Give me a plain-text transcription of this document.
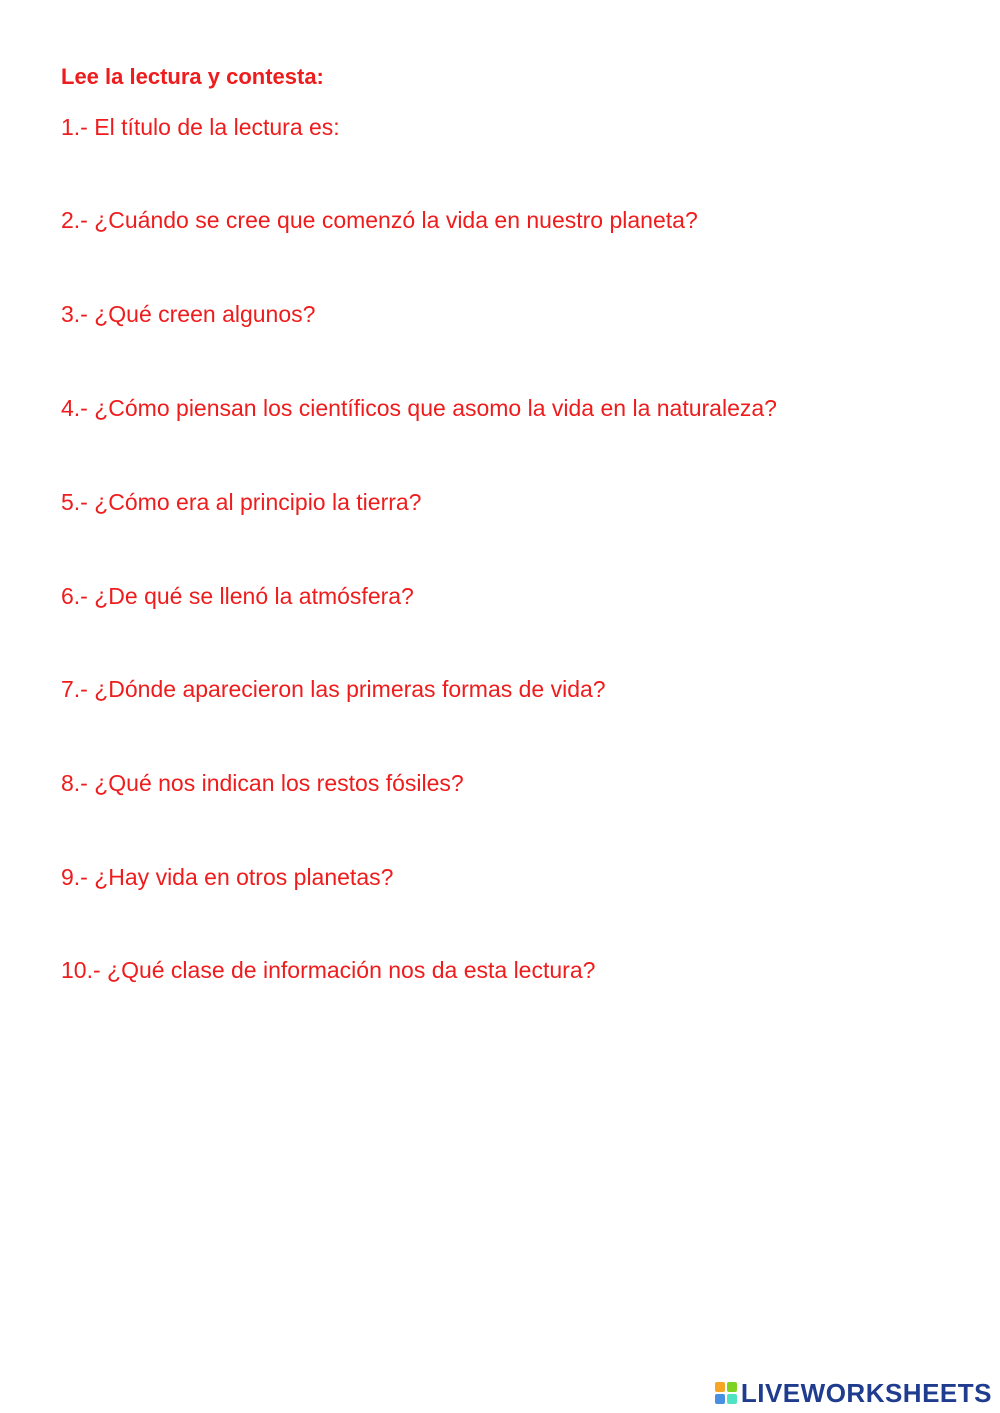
Lee la lectura y contesta:
1.- El título de la lectura es:
2.- ¿Cuándo se cree que comenzó la vida en nuestro planeta?
3.- ¿Qué creen algunos?
4.- ¿Cómo piensan los científicos que asomo la vida en la naturaleza?
5.- ¿Cómo era al principio la tierra?
6.- ¿De qué se llenó la atmósfera?
7.- ¿Dónde aparecieron las primeras formas de vida?
8.- ¿Qué nos indican los restos fósiles?
9.- ¿Hay vida en otros planetas?
10.- ¿Qué clase de información nos da esta lectura?
LIVEWORKSHEETS
